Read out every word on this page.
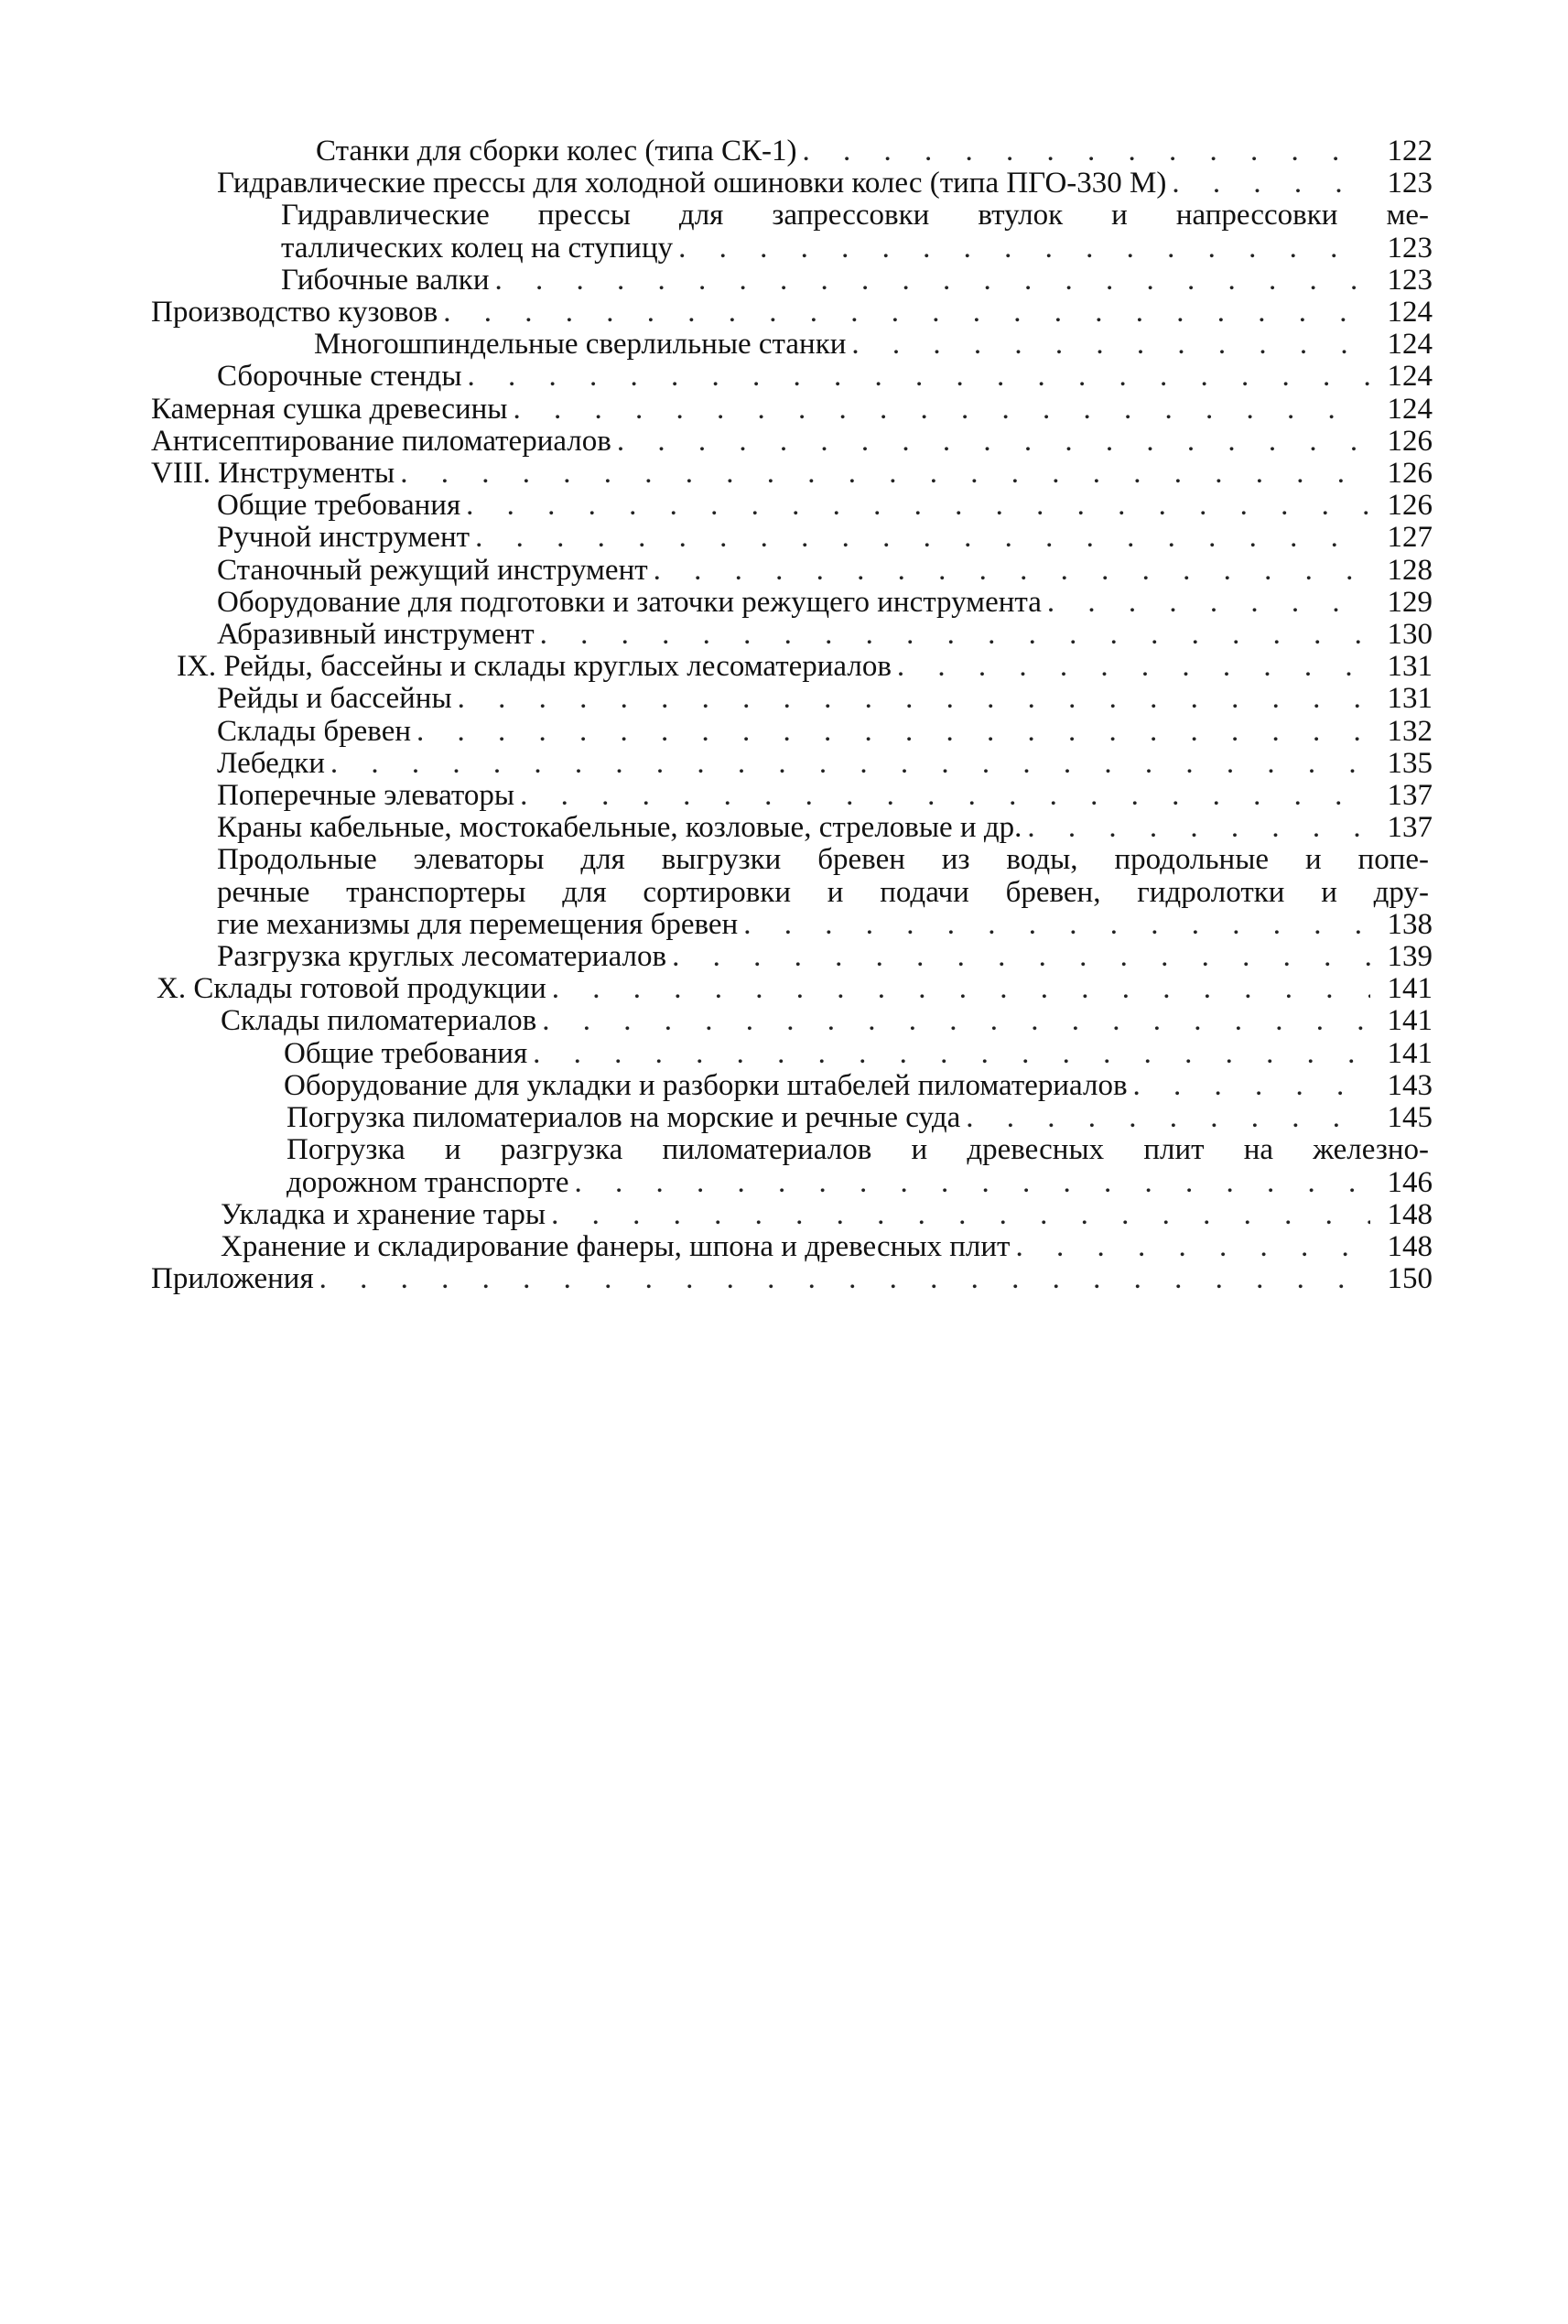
Станки для сборки колес (типа СК-1) . . .	122
Гидравлические прессы для холодной ошиновки колес (типа ПГО-330 М) . . .	123
Гидравлические прессы для запрессовки втулок и напрессовки ме-
таллических колец на ступицу . . .	123
Гибочные валки . . .	123
Производство кузовов . . .	124
Многошпиндельные сверлильные станки . . .	124
Сборочные стенды . . .	124
Камерная сушка древесины . . .	124
Антисептирование пиломатериалов . . .	126
VIII. Инструменты . . .	126
Общие требования . . .	126
Ручной инструмент . . .	127
Станочный режущий инструмент . . .	128
Оборудование для подготовки и заточки режущего инструмента . . .	129
Абразивный инструмент . . .	130
IX. Рейды, бассейны и склады круглых лесоматериалов . . .	131
Рейды и бассейны . . .	131
Склады бревен . . .	132
Лебедки . . .	135
Поперечные элеваторы . . .	137
Краны кабельные, мостокабельные, козловые, стреловые и др. . . .	137
Продольные элеваторы для выгрузки бревен из воды, продольные и попе-
речные транспортеры для сортировки и подачи бревен, гидролотки и дру-
гие механизмы для перемещения бревен . . .	138
Разгрузка круглых лесоматериалов . . .	139
X. Склады готовой продукции . . .	141
Склады пиломатериалов . . .	141
Общие требования . . .	141
Оборудование для укладки и разборки штабелей пиломатериалов . . .	143
Погрузка пиломатериалов на морские и речные суда . . .	145
Погрузка и разгрузка пиломатериалов и древесных плит на железно-
дорожном транспорте . . .	146
Укладка и хранение тары . . .	148
Хранение и складирование фанеры, шпона и древесных плит . . .	148
Приложения . . .	150
